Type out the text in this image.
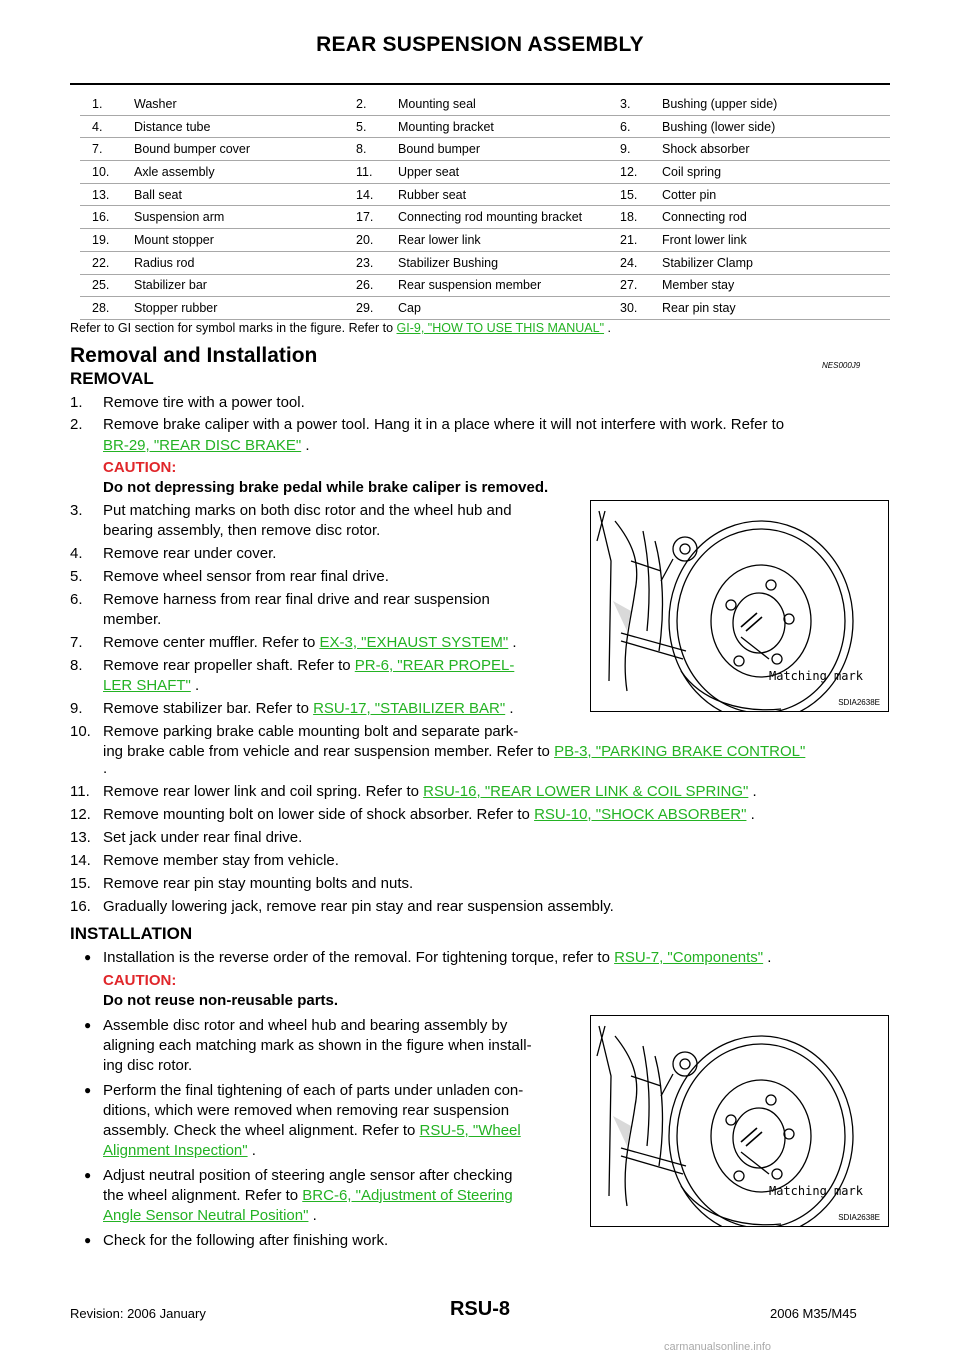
REAR SUSPENSION ASSEMBLY
1.	Washer	2.	Mounting seal	3.	Bushing (upper side)
4.	Distance tube	5.	Mounting bracket	6.	Bushing (lower side)
7.	Bound bumper cover	8.	Bound bumper	9.	Shock absorber
10.	Axle assembly	11.	Upper seat	12.	Coil spring
13.	Ball seat	14.	Rubber seat	15.	Cotter pin
16.	Suspension arm	17.	Connecting rod mounting bracket	18.	Connecting rod
19.	Mount stopper	20.	Rear lower link	21.	Front lower link
22.	Radius rod	23.	Stabilizer Bushing	24.	Stabilizer Clamp
25.	Stabilizer bar	26.	Rear suspension member	27.	Member stay
28.	Stopper rubber	29.	Cap	30.	Rear pin stay
Refer to GI section for symbol marks in the figure. Refer to GI-9, "HOW TO USE THIS MANUAL" .
Removal and Installation	NES000J9
REMOVAL
1. Remove tire with a power tool.
2. Remove brake caliper with a power tool. Hang it in a place where it will not interfere with work. Refer to
BR-29, "REAR DISC BRAKE" .
CAUTION:
Do not depressing brake pedal while brake caliper is removed.
3. Put matching marks on both disc rotor and the wheel hub and
bearing assembly, then remove disc rotor.
4. Remove rear under cover.
5. Remove wheel sensor from rear final drive.
6. Remove harness from rear final drive and rear suspension
member.
7. Remove center muffler. Refer to EX-3, "EXHAUST SYSTEM" .
8. Remove rear propeller shaft. Refer to PR-6, "REAR PROPEL-
LER SHAFT" .
9. Remove stabilizer bar. Refer to RSU-17, "STABILIZER BAR" .
10. Remove parking brake cable mounting bolt and separate park-
ing brake cable from vehicle and rear suspension member. Refer to PB-3, "PARKING BRAKE CONTROL"
.
11. Remove rear lower link and coil spring. Refer to RSU-16, "REAR LOWER LINK & COIL SPRING" .
12. Remove mounting bolt on lower side of shock absorber. Refer to RSU-10, "SHOCK ABSORBER" .
13. Set jack under rear final drive.
14. Remove member stay from vehicle.
15. Remove rear pin stay mounting bolts and nuts.
16. Gradually lowering jack, remove rear pin stay and rear suspension assembly.
INSTALLATION
● Installation is the reverse order of the removal. For tightening torque, refer to RSU-7, "Components" .
CAUTION:
Do not reuse non-reusable parts.
● Assemble disc rotor and wheel hub and bearing assembly by
aligning each matching mark as shown in the figure when install-
ing disc rotor.
● Perform the final tightening of each of parts under unladen con-
ditions, which were removed when removing rear suspension
assembly. Check the wheel alignment. Refer to RSU-5, "Wheel
Alignment Inspection" .
● Adjust neutral position of steering angle sensor after checking
the wheel alignment. Refer to BRC-6, "Adjustment of Steering
Angle Sensor Neutral Position" .
● Check for the following after finishing work.
Matching mark
SDIA2638E
Matching mark
SDIA2638E
Revision: 2006 January	RSU-8	2006 M35/M45
carmanualsonline.info
